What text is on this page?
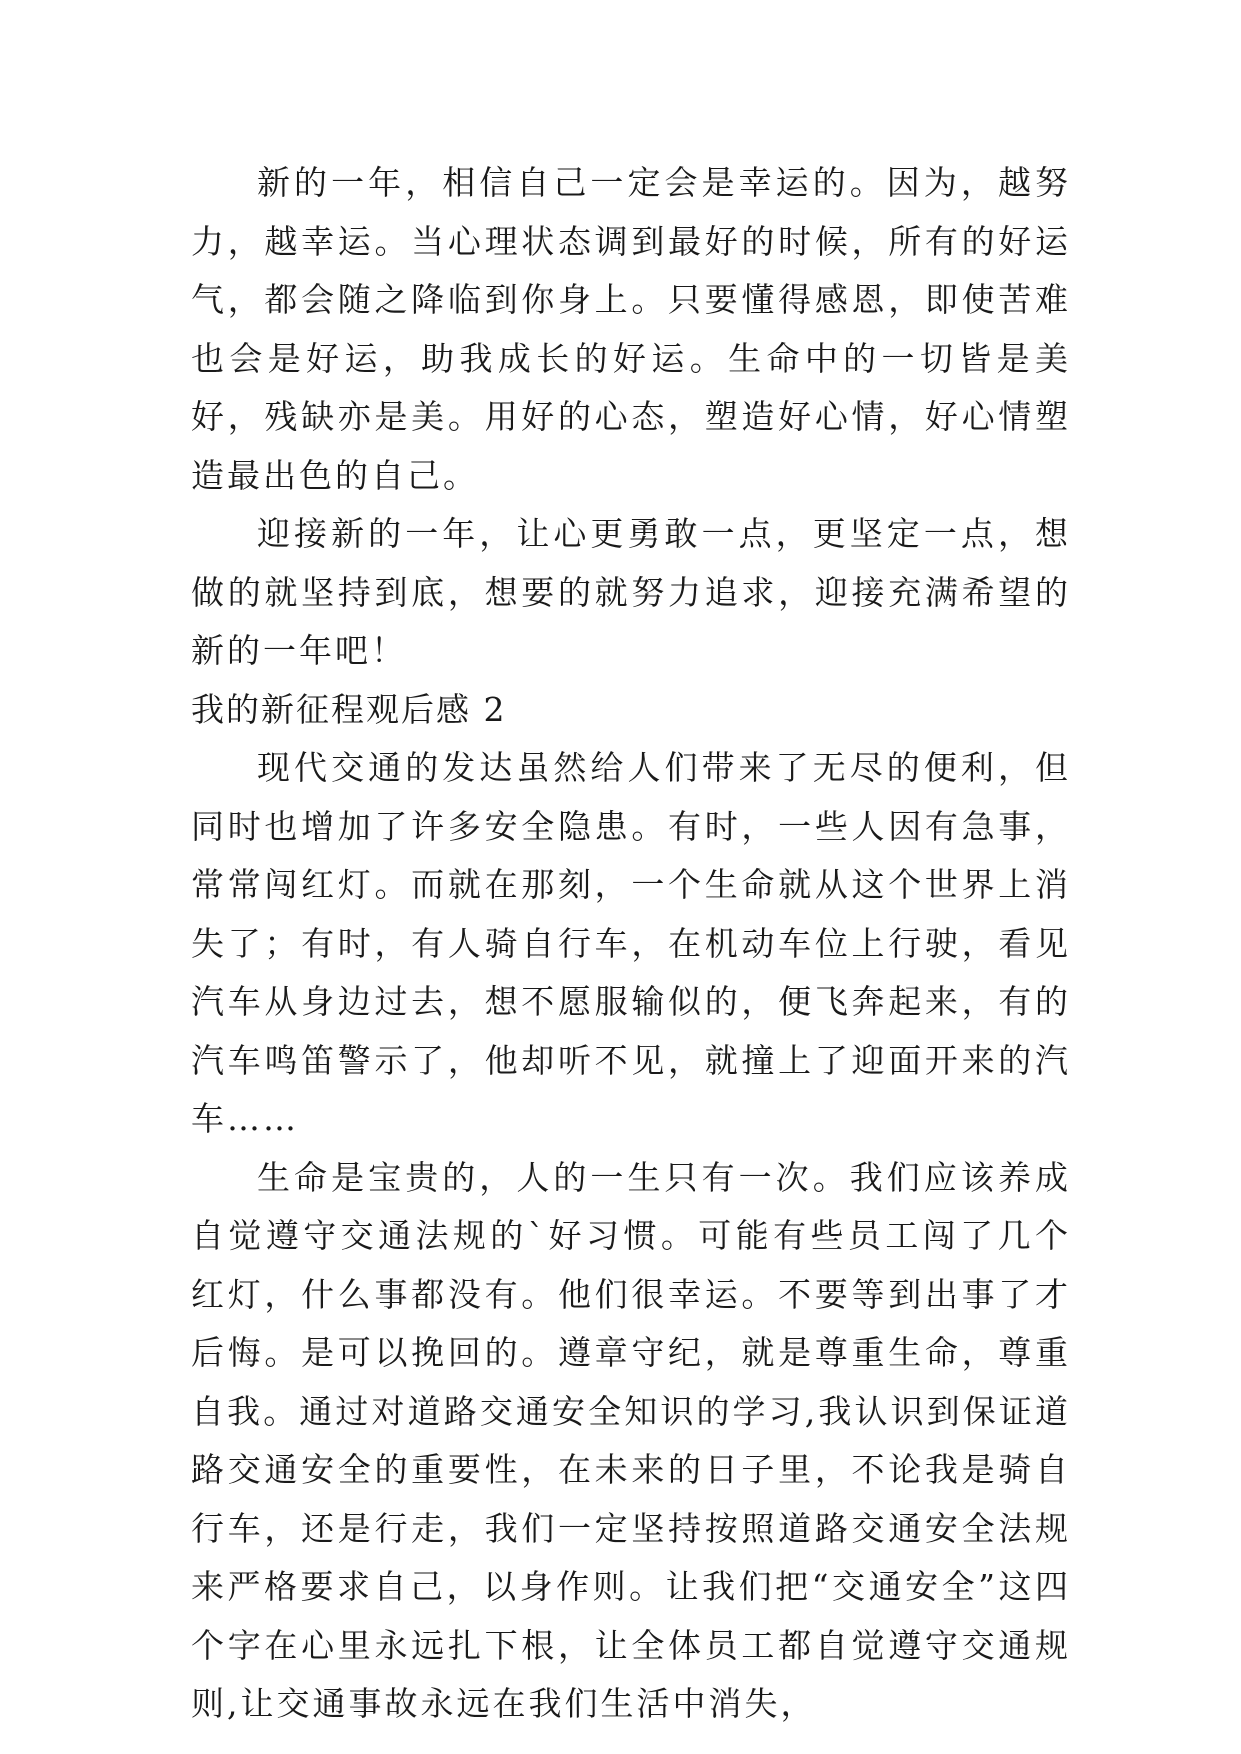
新的一年，相信自己一定会是幸运的。因为，越努力，越幸运。当心理状态调到最好的时候，所有的好运气，都会随之降临到你身上。只要懂得感恩，即使苦难也会是好运，助我成长的好运。生命中的一切皆是美好，残缺亦是美。用好的心态，塑造好心情，好心情塑造最出色的自己。

迎接新的一年，让心更勇敢一点，更坚定一点，想做的就坚持到底，想要的就努力追求，迎接充满希望的新的一年吧！

我的新征程观后感 2

现代交通的发达虽然给人们带来了无尽的便利，但同时也增加了许多安全隐患。有时，一些人因有急事，常常闯红灯。而就在那刻，一个生命就从这个世界上消失了；有时，有人骑自行车，在机动车位上行驶，看见汽车从身边过去，想不愿服输似的，便飞奔起来，有的汽车鸣笛警示了，他却听不见，就撞上了迎面开来的汽车……

生命是宝贵的，人的一生只有一次。我们应该养成自觉遵守交通法规的`好习惯。可能有些员工闯了几个红灯，什么事都没有。他们很幸运。不要等到出事了才后悔。是可以挽回的。遵章守纪，就是尊重生命，尊重自我。通过对道路交通安全知识的学习,我认识到保证道路交通安全的重要性，在未来的日子里，不论我是骑自行车，还是行走，我们一定坚持按照道路交通安全法规来严格要求自己，以身作则。让我们把“交通安全”这四个字在心里永远扎下根，让全体员工都自觉遵守交通规则,让交通事故永远在我们生活中消失，
